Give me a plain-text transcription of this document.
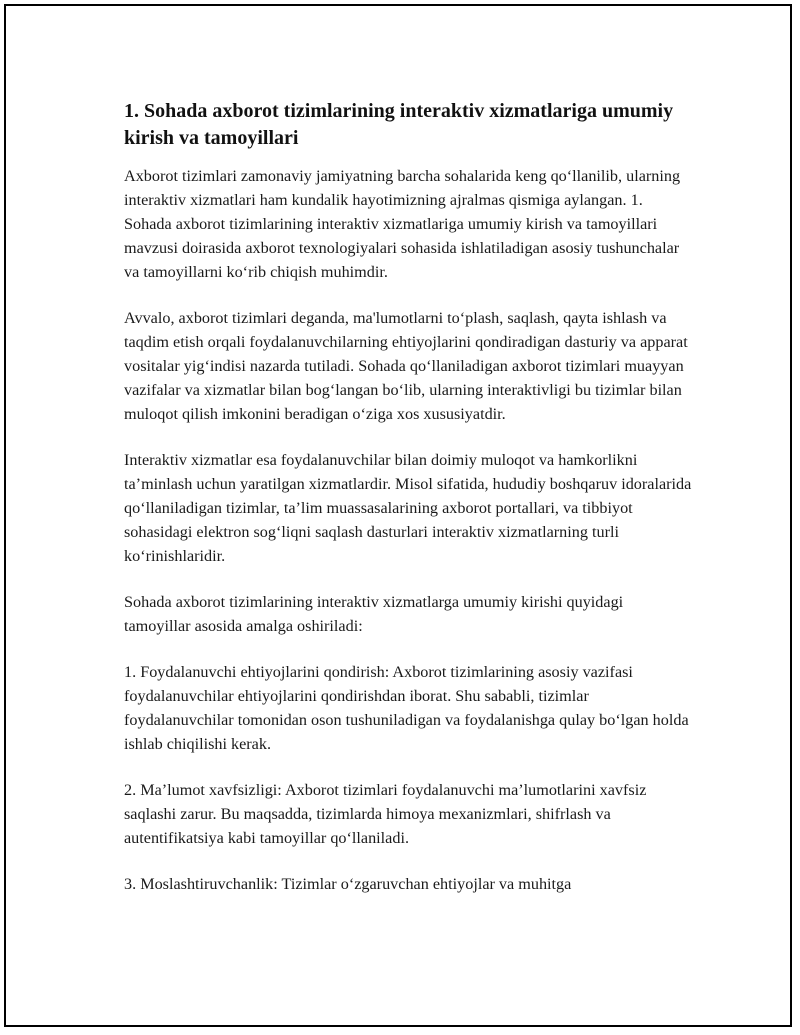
1. Sohada axborot tizimlarining interaktiv xizmatlariga umumiy kirish va tamoyillari

Axborot tizimlari zamonaviy jamiyatning barcha sohalarida keng qo‘llanilib, ularning interaktiv xizmatlari ham kundalik hayotimizning ajralmas qismiga aylangan. 1. Sohada axborot tizimlarining interaktiv xizmatlariga umumiy kirish va tamoyillari mavzusi doirasida axborot texnologiyalari sohasida ishlatiladigan asosiy tushunchalar va tamoyillarni ko‘rib chiqish muhimdir.

Avvalo, axborot tizimlari deganda, ma'lumotlarni to‘plash, saqlash, qayta ishlash va taqdim etish orqali foydalanuvchilarning ehtiyojlarini qondiradigan dasturiy va apparat vositalar yig‘indisi nazarda tutiladi. Sohada qo‘llaniladigan axborot tizimlari muayyan vazifalar va xizmatlar bilan bog‘langan bo‘lib, ularning interaktivligi bu tizimlar bilan muloqot qilish imkonini beradigan o‘ziga xos xususiyatdir.

Interaktiv xizmatlar esa foydalanuvchilar bilan doimiy muloqot va hamkorlikni ta’minlash uchun yaratilgan xizmatlardir. Misol sifatida, hududiy boshqaruv idoralarida qo‘llaniladigan tizimlar, ta’lim muassasalarining axborot portallari, va tibbiyot sohasidagi elektron sog‘liqni saqlash dasturlari interaktiv xizmatlarning turli ko‘rinishlaridir.

Sohada axborot tizimlarining interaktiv xizmatlarga umumiy kirishi quyidagi tamoyillar asosida amalga oshiriladi:

1. Foydalanuvchi ehtiyojlarini qondirish: Axborot tizimlarining asosiy vazifasi foydalanuvchilar ehtiyojlarini qondirishdan iborat. Shu sababli, tizimlar foydalanuvchilar tomonidan oson tushuniladigan va foydalanishga qulay bo‘lgan holda ishlab chiqilishi kerak.

2. Ma’lumot xavfsizligi: Axborot tizimlari foydalanuvchi ma’lumotlarini xavfsiz saqlashi zarur. Bu maqsadda, tizimlarda himoya mexanizmlari, shifrlash va autentifikatsiya kabi tamoyillar qo‘llaniladi.

3. Moslashtiruvchanlik: Tizimlar o‘zgaruvchan ehtiyojlar va muhitga
